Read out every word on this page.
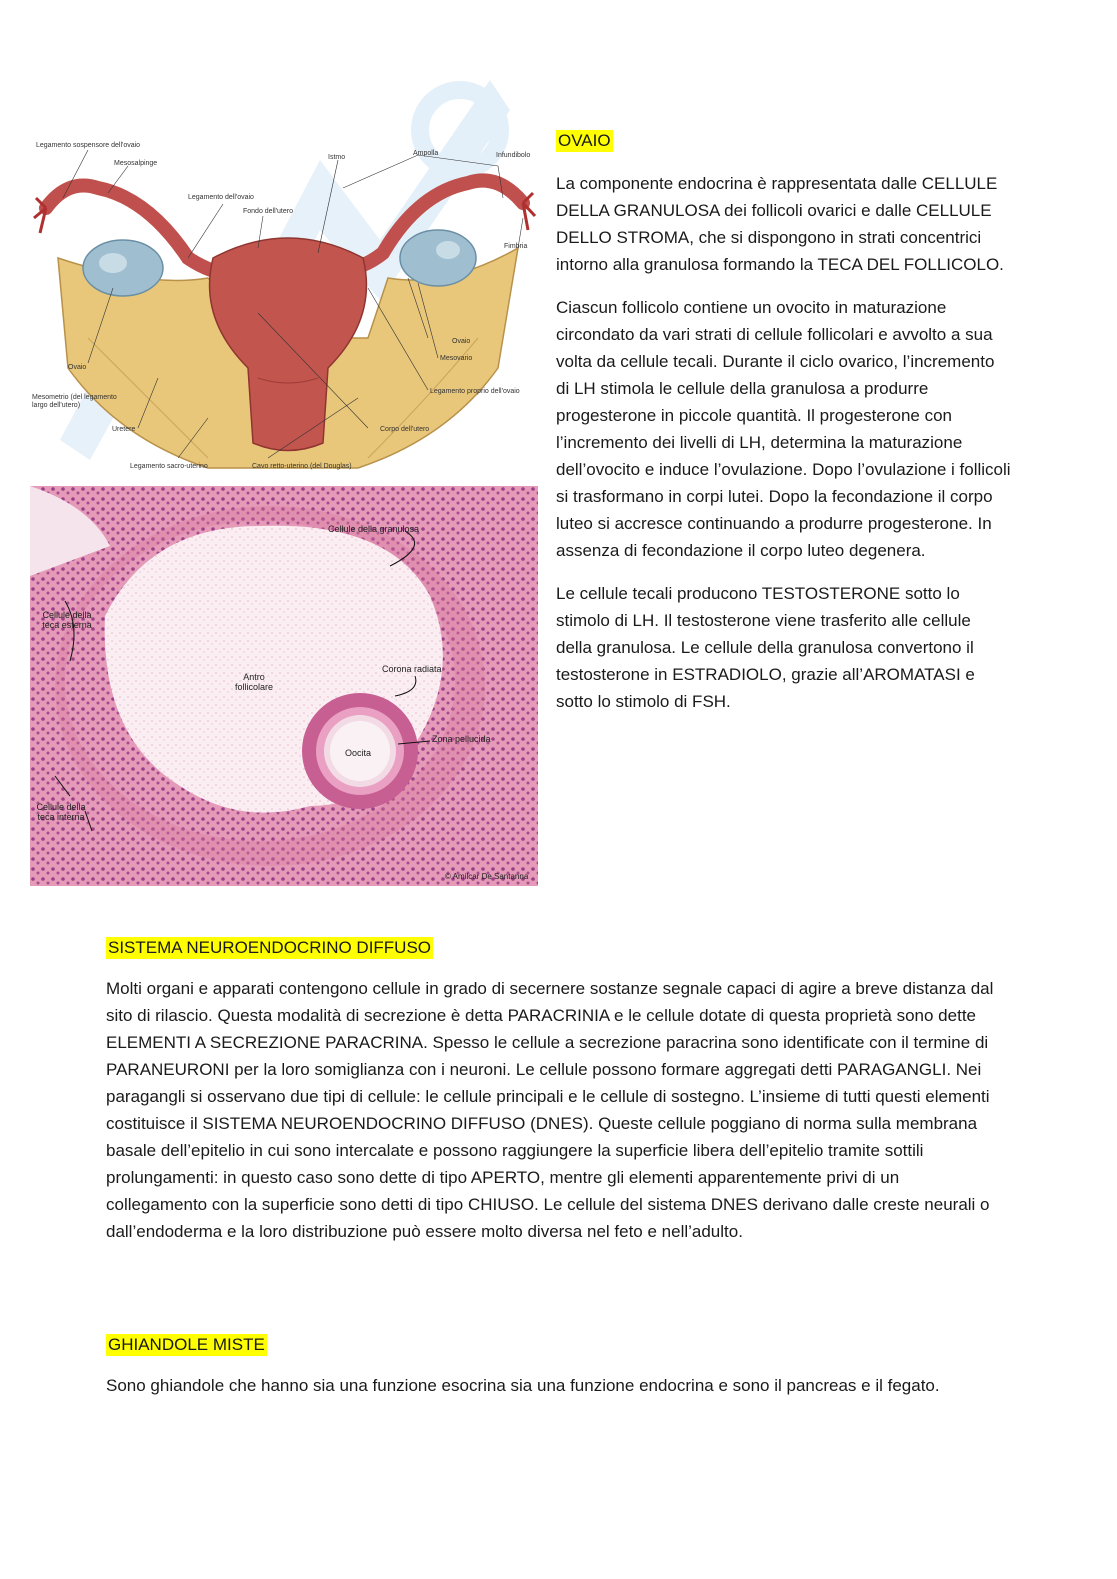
Legamento sospensore dell'ovaio
Mesosalpinge
Istmo
Ampolla	Infundibolo
Legamento dell'ovaio
Fondo dell'utero
Fimbria
Ovaio
Ovaio
Mesovario
Mesometrio (del legamento largo dell'utero)
Legamento proprio dell'ovaio
Uretere	Corpo dell'utero
Legamento sacro-uterino	Cavo retto-uterino (del Douglas)
Cellule della granulosa
Cellule della teca esterna
Antro follicolare
Corona radiata
Oocita
Zona pellucida
Cellule della teca interna
© Amilcar De Santanna
OVAIO

La componente endocrina è rappresentata dalle CELLULE DELLA GRANULOSA dei follicoli ovarici e dalle CELLULE DELLO STROMA, che si dispongono in strati concentrici intorno alla granulosa formando la TECA DEL FOLLICOLO.

Ciascun follicolo contiene un ovocito in maturazione circondato da vari strati di cellule follicolari e avvolto a sua volta da cellule tecali. Durante il ciclo ovarico, l’incremento di LH stimola le cellule della granulosa a produrre progesterone in piccole quantità. Il progesterone con l’incremento dei livelli di LH, determina la maturazione dell’ovocito e induce l’ovulazione. Dopo l’ovulazione i follicoli si trasformano in corpi lutei. Dopo la fecondazione il corpo luteo si accresce continuando a produrre progesterone. In assenza di fecondazione il corpo luteo degenera.

Le cellule tecali producono TESTOSTERONE sotto lo stimolo di LH. Il testosterone viene trasferito alle cellule della granulosa. Le cellule della granulosa convertono il testosterone in ESTRADIOLO, grazie all’AROMATASI e sotto lo stimolo di FSH.

SISTEMA NEUROENDOCRINO DIFFUSO

Molti organi e apparati contengono cellule in grado di secernere sostanze segnale capaci di agire a breve distanza dal sito di rilascio. Questa modalità di secrezione è detta PARACRINIA e le cellule dotate di questa proprietà sono dette ELEMENTI A SECREZIONE PARACRINA. Spesso le cellule a secrezione paracrina sono identificate con il termine di PARANEURONI per la loro somiglianza con i neuroni. Le cellule possono formare aggregati detti PARAGANGLI. Nei paragangli si osservano due tipi di cellule: le cellule principali e le cellule di sostegno. L’insieme di tutti questi elementi costituisce il SISTEMA NEUROENDOCRINO DIFFUSO (DNES). Queste cellule poggiano di norma sulla membrana basale dell’epitelio in cui sono intercalate e possono raggiungere la superficie libera dell’epitelio tramite sottili prolungamenti: in questo caso sono dette di tipo APERTO, mentre gli elementi apparentemente privi di un collegamento con la superficie sono detti di tipo CHIUSO. Le cellule del sistema DNES derivano dalle creste neurali o dall’endoderma e la loro distribuzione può essere molto diversa nel feto e nell’adulto.

GHIANDOLE MISTE

Sono ghiandole che hanno sia una funzione esocrina sia una funzione endocrina e sono il pancreas e il fegato.
